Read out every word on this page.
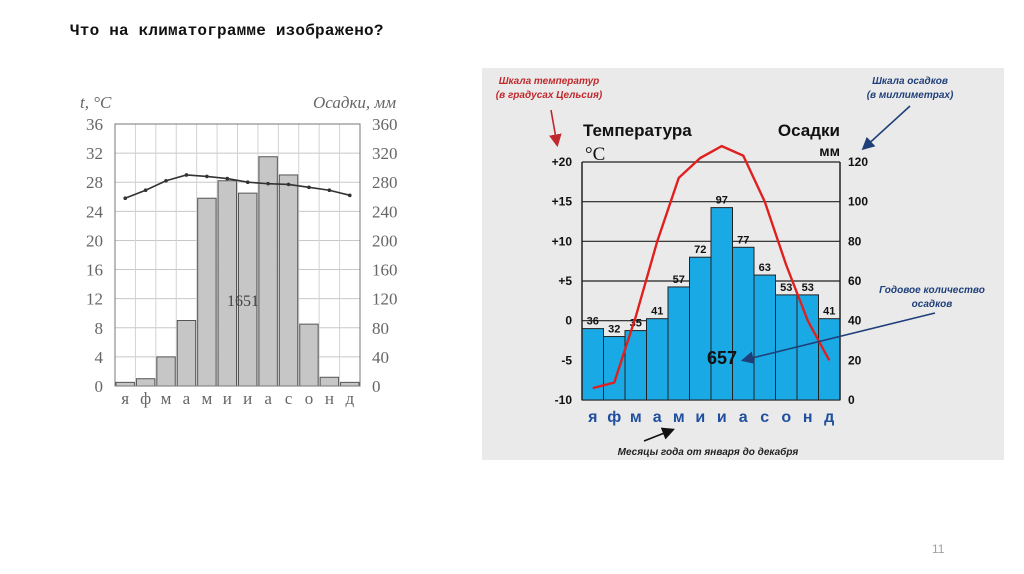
Что на климатограмме изображено?
11
36
32
28
24
20
16
12
8
4
0
360
320
280
240
200
160
120
80
40
0
я ф м а м и и а с о н д
t, °C	Осадки, мм
1651
36
32 35
41
57
72
97
77
63
53 53
41
+20
+15
+10
+5
0
-5
-10
120
100
80
60
40
20
0
я ф м а м и и а с о н д
Температура
°C
Осадки
мм
657
Шкала температур
(в градусах Цельсия)
Шкала осадков
(в миллиметрах)
Годовое количество
осадков
Месяцы года от января до декабря
